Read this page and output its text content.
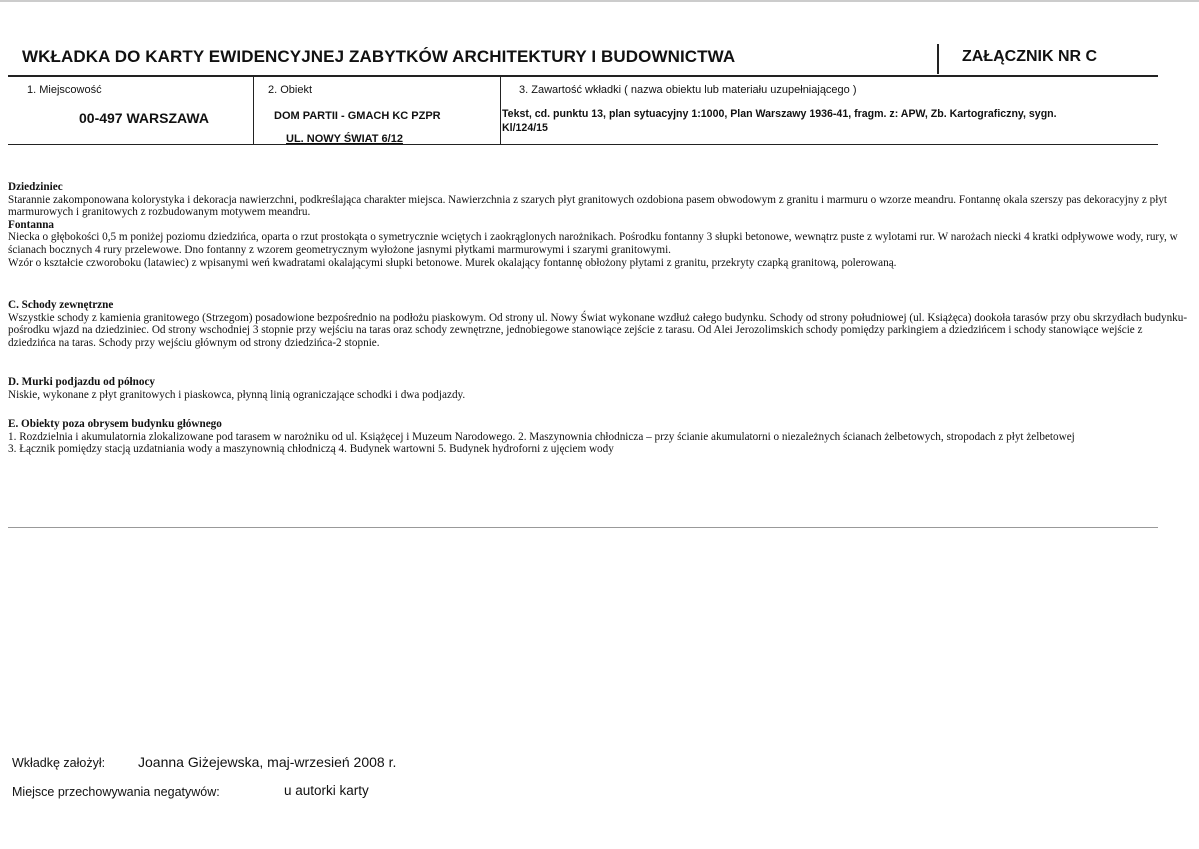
WKŁADKA DO KARTY EWIDENCYJNEJ ZABYTKÓW ARCHITEKTURY I BUDOWNICTWA	ZAŁĄCZNIK NR C
1. Miejscowość
00-497 WARSZAWA
2. Obiekt
DOM PARTII - GMACH KC PZPR
UL. NOWY ŚWIAT 6/12
3. Zawartość wkładki ( nazwa obiektu lub materiału uzupełniającego )
Tekst, cd. punktu 13, plan sytuacyjny 1:1000, Plan Warszawy 1936-41, fragm. z: APW, Zb. Kartograficzny, sygn.
Kl/124/15
Dziedziniec
Starannie zakomponowana kolorystyka i dekoracja nawierzchni, podkreślająca charakter miejsca. Nawierzchnia z szarych płyt granitowych ozdobiona pasem obwodowym z granitu i marmuru o wzorze meandru. Fontannę okala szerszy pas dekoracyjny z płyt marmurowych i granitowych z rozbudowanym motywem meandru.
Fontanna
Niecka o głębokości 0,5 m poniżej poziomu dziedzińca, oparta o rzut prostokąta o symetrycznie wciętych i zaokrąglonych narożnikach. Pośrodku fontanny 3 słupki betonowe, wewnątrz puste z wylotami rur. W narożach niecki 4 kratki odpływowe wody, rury, w ścianach bocznych 4 rury przelewowe. Dno fontanny z wzorem geometrycznym wyłożone jasnymi płytkami marmurowymi i szarymi granitowymi.
Wzór o kształcie czworoboku (latawiec) z wpisanymi weń kwadratami okalającymi słupki betonowe. Murek okalający fontannę obłożony płytami z granitu, przekryty czapką granitową, polerowaną.
C. Schody zewnętrzne
Wszystkie schody z kamienia granitowego (Strzegom) posadowione bezpośrednio na podłożu piaskowym. Od strony ul. Nowy Świat wykonane wzdłuż całego budynku. Schody od strony południowej (ul. Książęca) dookoła tarasów przy obu skrzydłach budynku-pośrodku wjazd na dziedziniec. Od strony wschodniej 3 stopnie przy wejściu na taras oraz schody zewnętrzne, jednobiegowe stanowiące zejście z tarasu. Od Alei Jerozolimskich schody pomiędzy parkingiem a dziedzińcem i schody stanowiące wejście z dziedzińca na taras. Schody przy wejściu głównym od strony dziedzińca-2 stopnie.
D. Murki podjazdu od północy
Niskie, wykonane z płyt granitowych i piaskowca, płynną linią ograniczające schodki i dwa podjazdy.
E. Obiekty poza obrysem budynku głównego
1. Rozdzielnia i akumulatornia zlokalizowane pod tarasem w narożniku od ul. Książęcej i Muzeum Narodowego. 2. Maszynownia chłodnicza – przy ścianie akumulatorni o niezależnych ścianach żelbetowych, stropodach z płyt żelbetowej
3. Łącznik pomiędzy stacją uzdatniania wody a maszynownią chłodniczą 4. Budynek wartowni 5. Budynek hydroforni z ujęciem wody
Wkładkę założył: Joanna Giżejewska, maj-wrzesień 2008 r.
Miejsce przechowywania negatywów:	u autorki karty
